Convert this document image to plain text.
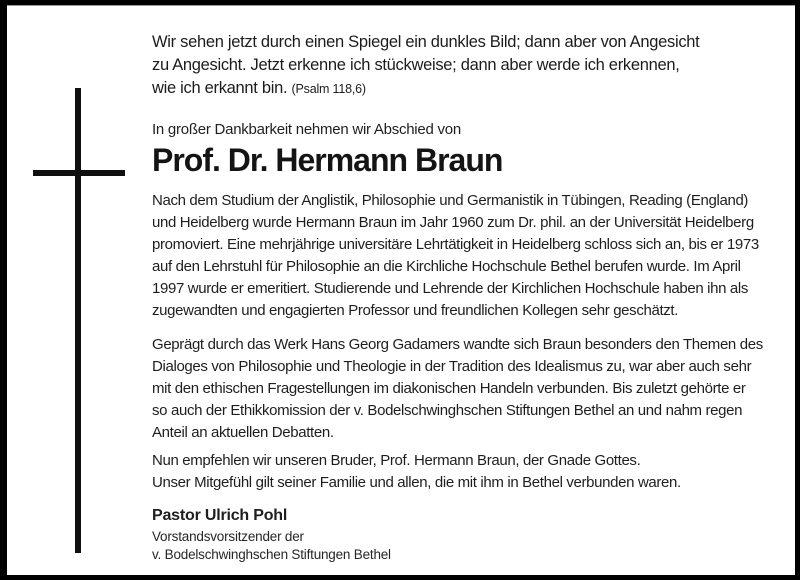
Wir sehen jetzt durch einen Spiegel ein dunkles Bild; dann aber von Angesicht
zu Angesicht. Jetzt erkenne ich stückweise; dann aber werde ich erkennen,
wie ich erkannt bin. (Psalm 118,6)
In großer Dankbarkeit nehmen wir Abschied von
Prof. Dr. Hermann Braun
Nach dem Studium der Anglistik, Philosophie und Germanistik in Tübingen, Reading (England)
und Heidelberg wurde Hermann Braun im Jahr 1960 zum Dr. phil. an der Universität Heidelberg
promoviert. Eine mehrjährige universitäre Lehrtätigkeit in Heidelberg schloss sich an, bis er 1973
auf den Lehrstuhl für Philosophie an die Kirchliche Hochschule Bethel berufen wurde. Im April
1997 wurde er emeritiert. Studierende und Lehrende der Kirchlichen Hochschule haben ihn als
zugewandten und engagierten Professor und freundlichen Kollegen sehr geschätzt.
Geprägt durch das Werk Hans Georg Gadamers wandte sich Braun besonders den Themen des
Dialoges von Philosophie und Theologie in der Tradition des Idealismus zu, war aber auch sehr
mit den ethischen Fragestellungen im diakonischen Handeln verbunden. Bis zuletzt gehörte er
so auch der Ethikkomission der v. Bodelschwinghschen Stiftungen Bethel an und nahm regen
Anteil an aktuellen Debatten.
Nun empfehlen wir unseren Bruder, Prof. Hermann Braun, der Gnade Gottes.
Unser Mitgefühl gilt seiner Familie und allen, die mit ihm in Bethel verbunden waren.
Pastor Ulrich Pohl
Vorstandsvorsitzender der
v. Bodelschwinghschen Stiftungen Bethel
